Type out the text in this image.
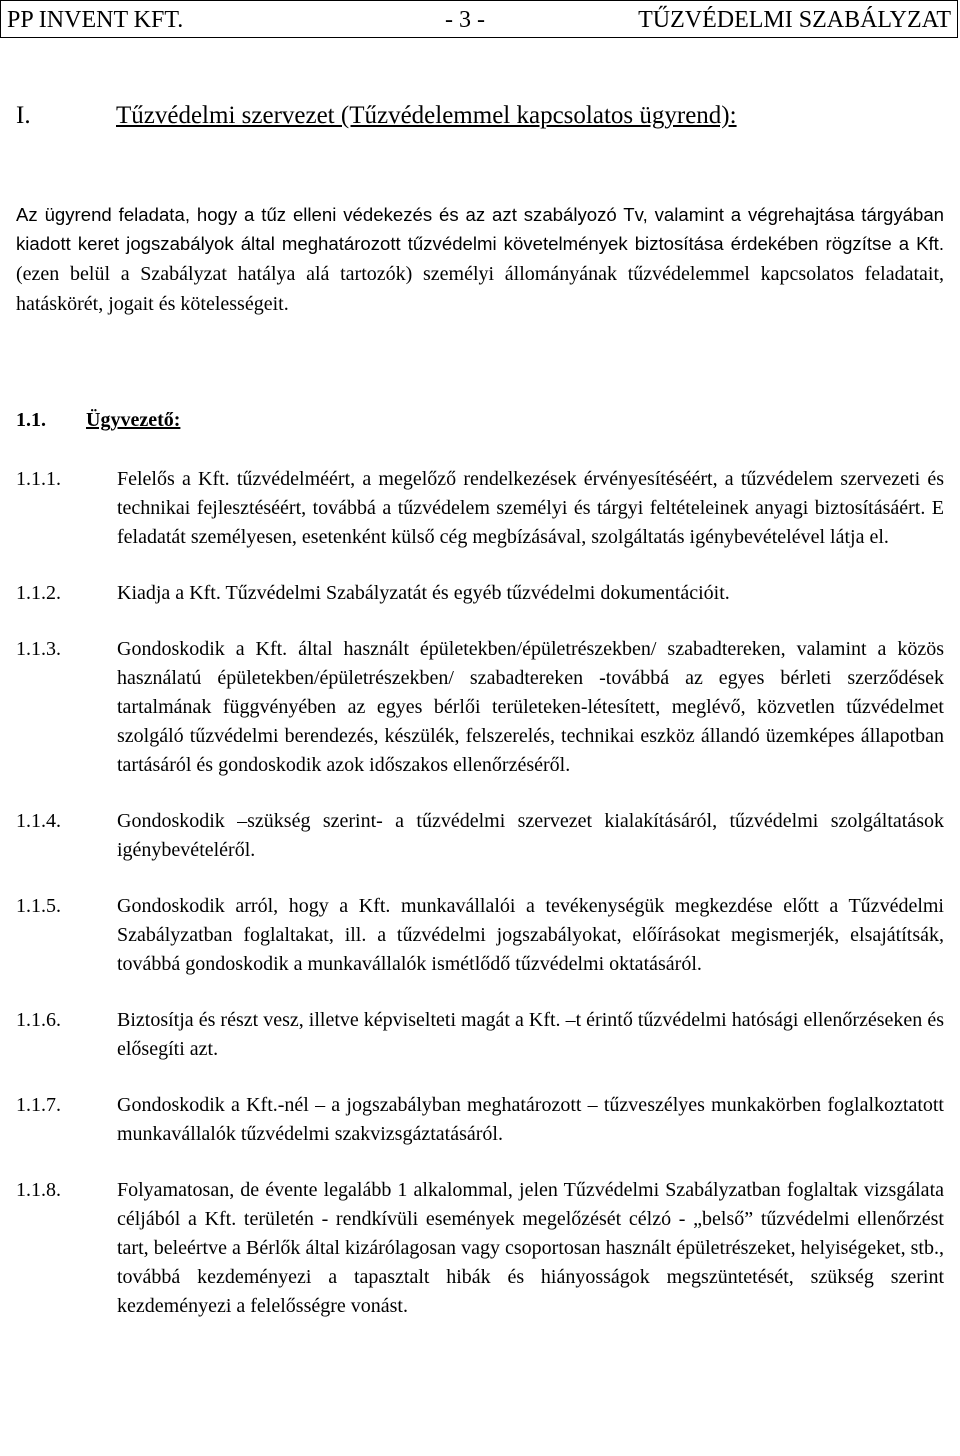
PP INVENT KFT.	- 3 -	TŰZVÉDELMI SZABÁLYZAT
I.	Tűzvédelmi szervezet (Tűzvédelemmel kapcsolatos ügyrend):
Az ügyrend feladata, hogy a tűz elleni védekezés és az azt szabályozó Tv, valamint a végrehajtása tárgyában kiadott keret jogszabályok által meghatározott tűzvédelmi követelmények biztosítása érdekében rögzítse a Kft. (ezen belül a Szabályzat hatálya alá tartozók) személyi állományának tűzvédelemmel kapcsolatos feladatait, hatáskörét, jogait és kötelességeit.
1.1. Ügyvezető:
1.1.1.	Felelős a Kft. tűzvédelméért, a megelőző rendelkezések érvényesítéséért, a tűzvédelem szervezeti és technikai fejlesztéséért, továbbá a tűzvédelem személyi és tárgyi feltételeinek anyagi biztosításáért. E feladatát személyesen, esetenként külső cég megbízásával, szolgáltatás igénybevételével látja el.
1.1.2.	Kiadja a Kft. Tűzvédelmi Szabályzatát és egyéb tűzvédelmi dokumentációit.
1.1.3.	Gondoskodik a Kft. által használt épületekben/épületrészekben/ szabadtereken, valamint a közös használatú épületekben/épületrészekben/ szabadtereken -továbbá az egyes bérleti szerződések tartalmának függvényében az egyes bérlői területeken-létesített, meglévő, közvetlen tűzvédelmet szolgáló tűzvédelmi berendezés, készülék, felszerelés, technikai eszköz állandó üzemképes állapotban tartásáról és gondoskodik azok időszakos ellenőrzéséről.
1.1.4.	Gondoskodik –szükség szerint- a tűzvédelmi szervezet kialakításáról, tűzvédelmi szolgáltatások igénybevételéről.
1.1.5.	Gondoskodik arról, hogy a Kft. munkavállalói a tevékenységük megkezdése előtt a Tűzvédelmi Szabályzatban foglaltakat, ill. a tűzvédelmi jogszabályokat, előírásokat megismerjék, elsajátítsák, továbbá gondoskodik a munkavállalók ismétlődő tűzvédelmi oktatásáról.
1.1.6.	Biztosítja és részt vesz, illetve képviselteti magát a Kft. –t érintő tűzvédelmi hatósági ellenőrzéseken és elősegíti azt.
1.1.7.	Gondoskodik a Kft.-nél – a jogszabályban meghatározott – tűzveszélyes munkakörben foglalkoztatott munkavállalók tűzvédelmi szakvizsgáztatásáról.
1.1.8.	Folyamatosan, de évente legalább 1 alkalommal, jelen Tűzvédelmi Szabályzatban foglaltak vizsgálata céljából a Kft. területén - rendkívüli események megelőzését célzó - „belső” tűzvédelmi ellenőrzést tart, beleértve a Bérlők által kizárólagosan vagy csoportosan használt épületrészeket, helyiségeket, stb., továbbá kezdeményezi a tapasztalt hibák és hiányosságok megszüntetését, szükség szerint kezdeményezi a felelősségre vonást.
